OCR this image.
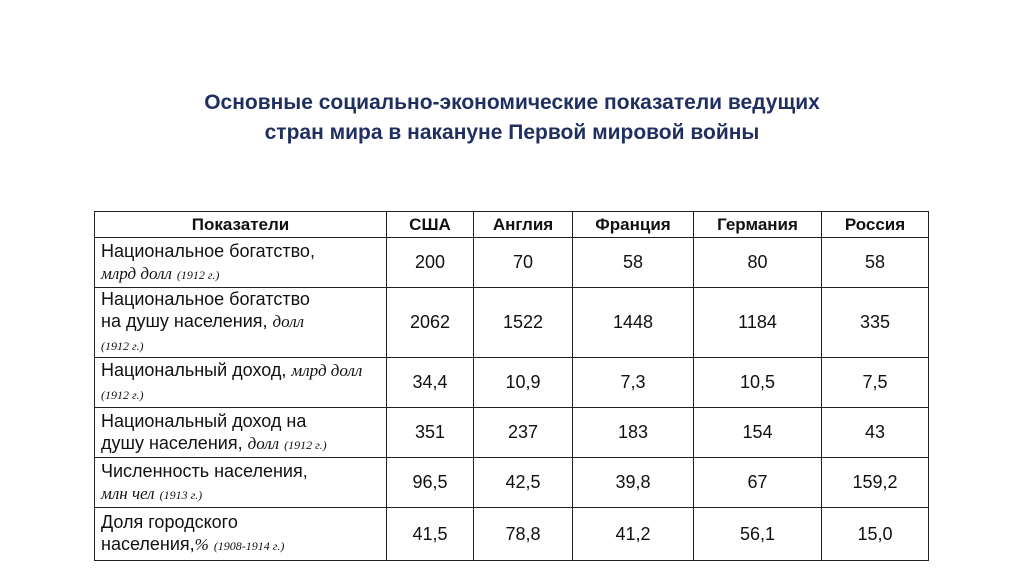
Основные социально-экономические показатели ведущих
стран мира в накануне Первой мировой войны
Показатели	США	Англия	Франция	Германия	Россия
Национальное богатство,
млрд долл (1912 г.)	200	70	58	80	58
Национальное богатство
на душу населения, долл
(1912 г.)	2062	1522	1448	1184	335
Национальный доход, млрд долл (1912 г.)	34,4	10,9	7,3	10,5	7,5
Национальный доход на
душу населения, долл (1912 г.)	351	237	183	154	43
Численность населения,
млн чел (1913 г.)	96,5	42,5	39,8	67	159,2
Доля городского
населения,% (1908-1914 г.)	41,5	78,8	41,2	56,1	15,0
